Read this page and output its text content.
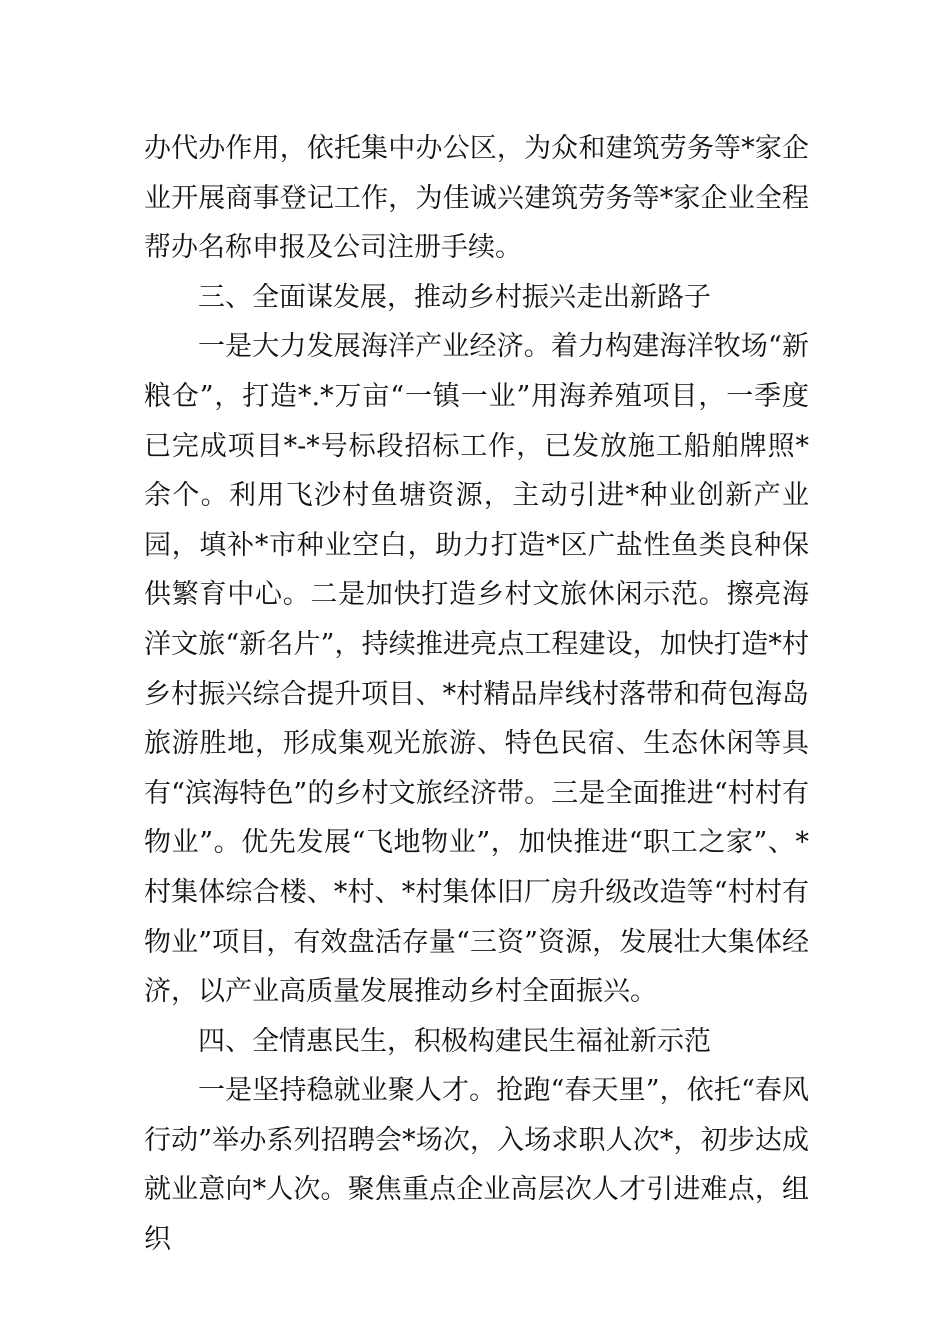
办代办作用，依托集中办公区，为众和建筑劳务等*家企业开展商事登记工作，为佳诚兴建筑劳务等*家企业全程帮办名称申报及公司注册手续。

三、全面谋发展，推动乡村振兴走出新路子

一是大力发展海洋产业经济。着力构建海洋牧场“新粮仓”，打造*.*万亩“一镇一业”用海养殖项目，一季度已完成项目*-*号标段招标工作，已发放施工船舶牌照*余个。利用飞沙村鱼塘资源，主动引进*种业创新产业园，填补*市种业空白，助力打造*区广盐性鱼类良种保供繁育中心。二是加快打造乡村文旅休闲示范。擦亮海洋文旅“新名片”，持续推进亮点工程建设，加快打造*村乡村振兴综合提升项目、*村精品岸线村落带和荷包海岛旅游胜地，形成集观光旅游、特色民宿、生态休闲等具有“滨海特色”的乡村文旅经济带。三是全面推进“村村有物业”。优先发展“飞地物业”，加快推进“职工之家”、*村集体综合楼、*村、*村集体旧厂房升级改造等“村村有物业”项目，有效盘活存量“三资”资源，发展壮大集体经济，以产业高质量发展推动乡村全面振兴。

四、全情惠民生，积极构建民生福祉新示范

一是坚持稳就业聚人才。抢跑“春天里”，依托“春风行动”举办系列招聘会*场次，入场求职人次*，初步达成就业意向*人次。聚焦重点企业高层次人才引进难点，组织
